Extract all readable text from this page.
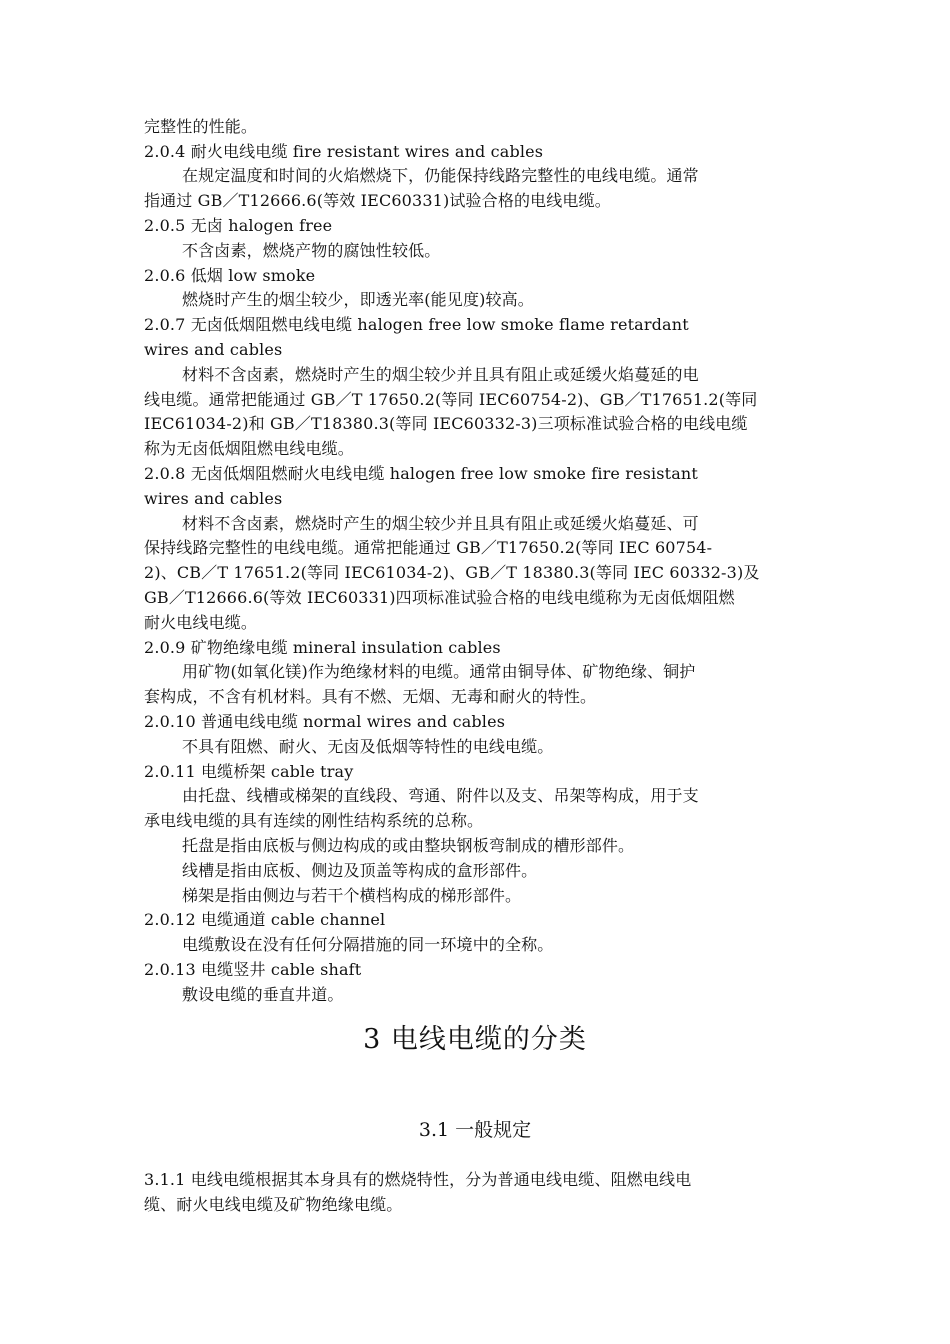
完整性的性能。
2.0.4 耐火电线电缆 fire resistant wires and cables
在规定温度和时间的火焰燃烧下，仍能保持线路完整性的电线电缆。通常
指通过 GB／T12666.6(等效 IEC60331)试验合格的电线电缆。
2.0.5 无卤 halogen free
不含卤素，燃烧产物的腐蚀性较低。
2.0.6 低烟 low smoke
燃烧时产生的烟尘较少，即透光率(能见度)较高。
2.0.7 无卤低烟阻燃电线电缆 halogen free low smoke flame retardant
wires and cables
材料不含卤素，燃烧时产生的烟尘较少并且具有阻止或延缓火焰蔓延的电
线电缆。通常把能通过 GB／T 17650.2(等同 IEC60754-2)、GB／T17651.2(等同
IEC61034-2)和 GB／T18380.3(等同 IEC60332-3)三项标准试验合格的电线电缆
称为无卤低烟阻燃电线电缆。
2.0.8 无卤低烟阻燃耐火电线电缆 halogen free low smoke fire resistant
wires and cables
材料不含卤素，燃烧时产生的烟尘较少并且具有阻止或延缓火焰蔓延、可
保持线路完整性的电线电缆。通常把能通过 GB／T17650.2(等同 IEC 60754-
2)、CB／T 17651.2(等同 IEC61034-2)、GB／T 18380.3(等同 IEC 60332-3)及
GB／T12666.6(等效 IEC60331)四项标准试验合格的电线电缆称为无卤低烟阻燃
耐火电线电缆。
2.0.9 矿物绝缘电缆 mineral insulation cables
用矿物(如氧化镁)作为绝缘材料的电缆。通常由铜导体、矿物绝缘、铜护
套构成，不含有机材料。具有不燃、无烟、无毒和耐火的特性。
2.0.10 普通电线电缆 normal wires and cables
不具有阻燃、耐火、无卤及低烟等特性的电线电缆。
2.0.11 电缆桥架 cable tray
由托盘、线槽或梯架的直线段、弯通、附件以及支、吊架等构成，用于支
承电线电缆的具有连续的刚性结构系统的总称。
托盘是指由底板与侧边构成的或由整块钢板弯制成的槽形部件。
线槽是指由底板、侧边及顶盖等构成的盒形部件。
梯架是指由侧边与若干个横档构成的梯形部件。
2.0.12 电缆通道 cable channel
电缆敷设在没有任何分隔措施的同一环境中的全称。
2.0.13 电缆竖井 cable shaft
敷设电缆的垂直井道。
3 电线电缆的分类
3.1 一般规定
3.1.1 电线电缆根据其本身具有的燃烧特性，分为普通电线电缆、阻燃电线电
缆、耐火电线电缆及矿物绝缘电缆。
